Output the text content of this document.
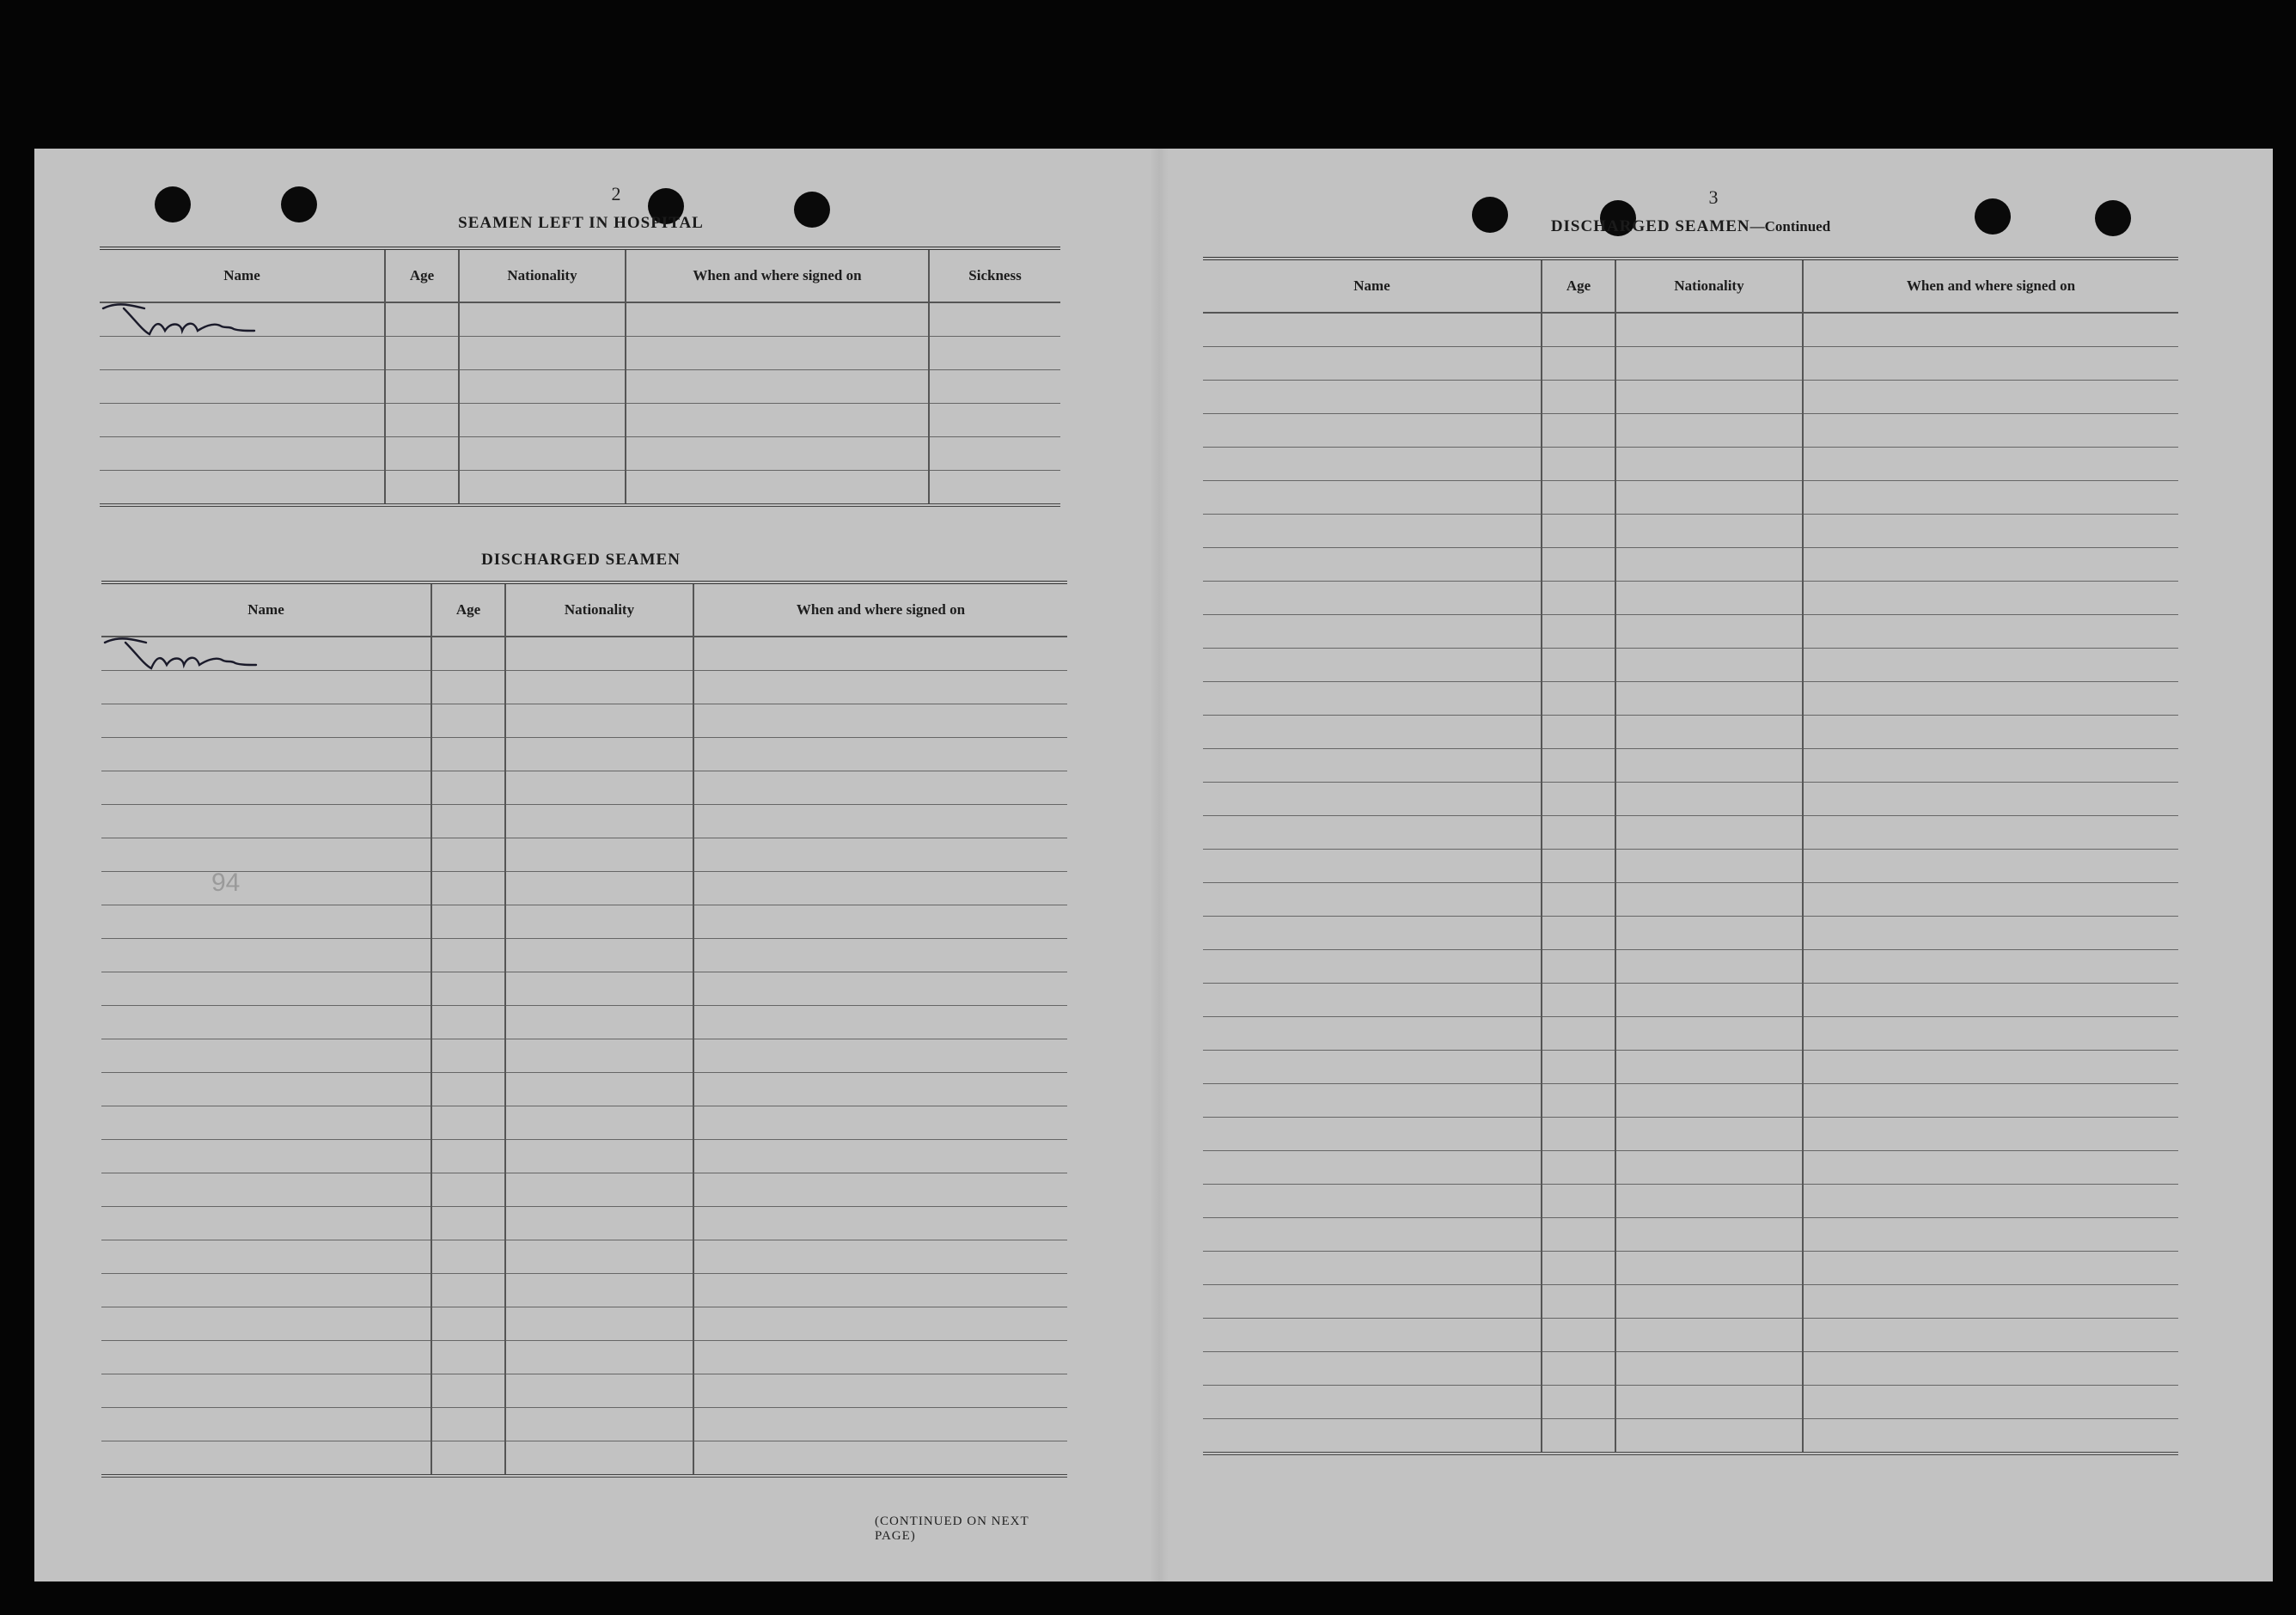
2
SEAMEN LEFT IN HOSPITAL
Name	Age	Nationality	When and where signed on	Sickness

DISCHARGED SEAMEN
Name	Age	Nationality	When and where signed on

(CONTINUED ON NEXT PAGE)
94
3
DISCHARGED SEAMEN—Continued
Name	Age	Nationality	When and where signed on
